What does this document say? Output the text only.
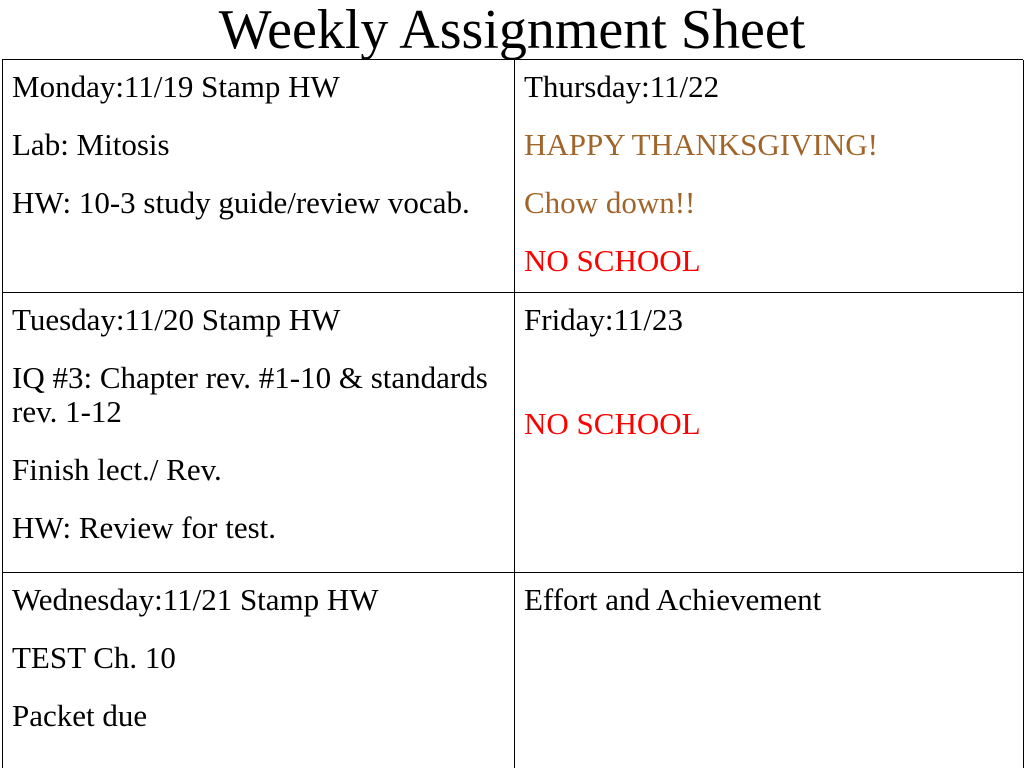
Weekly Assignment Sheet
Monday:11/19 Stamp HW
Lab: Mitosis
HW: 10-3 study guide/review vocab.
Thursday:11/22
HAPPY THANKSGIVING!
Chow down!!
NO SCHOOL
Tuesday:11/20 Stamp HW
IQ #3: Chapter rev. #1-10 & standards rev. 1-12
Finish lect./ Rev.
HW: Review for test.
Friday:11/23
NO SCHOOL
Wednesday:11/21 Stamp HW
TEST Ch. 10
Packet due
Effort and Achievement
